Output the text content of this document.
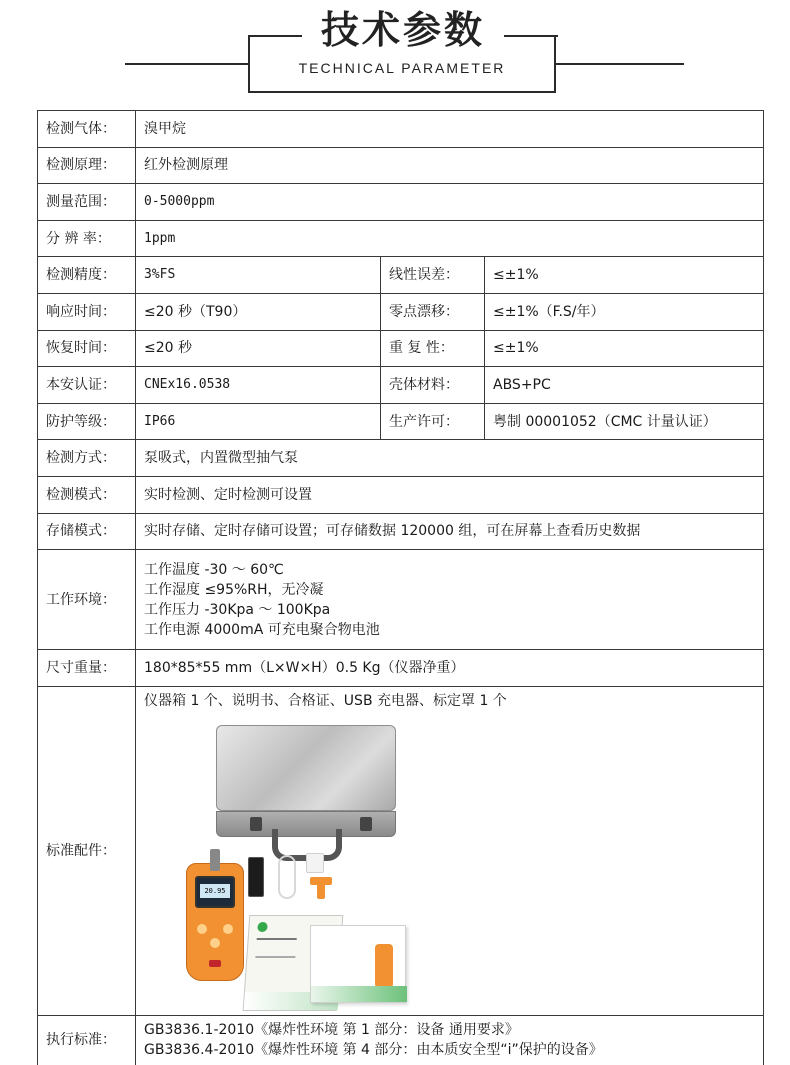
技术参数
TECHNICAL PARAMETER
检测气体：	溴甲烷		
检测原理：	红外检测原理		
测量范围：	0-5000ppm		
分 辨 率：	1ppm		
检测精度：	3%FS	线性误差：	≤±1%
响应时间：	≤20 秒（T90）	零点漂移：	≤±1%（F.S/年）
恢复时间：	≤20 秒	重 复 性：	≤±1%
本安认证：	CNEx16.0538	壳体材料：	ABS+PC
防护等级：	IP66	生产许可：	粤制 00001052（CMC 计量认证）
检测方式：	泵吸式，内置微型抽气泵		
检测模式：	实时检测、定时检测可设置		
存储模式：	实时存储、定时存储可设置；可存储数据 120000 组，可在屏幕上查看历史数据		
工作环境：	工作温度 -30 ～ 60℃
工作湿度 ≤95%RH，无冷凝
工作压力 -30Kpa ～ 100Kpa
工作电源 4000mA 可充电聚合物电池		

尺寸重量：	180*85*55 mm（L×W×H）0.5 Kg（仪器净重）		
标准配件：	仪器箱 1 个、说明书、合格证、USB 充电器、标定罩 1 个
20.95		

执行标准：	GB3836.1-2010《爆炸性环境 第 1 部分：设备 通用要求》
GB3836.4-2010《爆炸性环境 第 4 部分：由本质安全型“i”保护的设备》		
